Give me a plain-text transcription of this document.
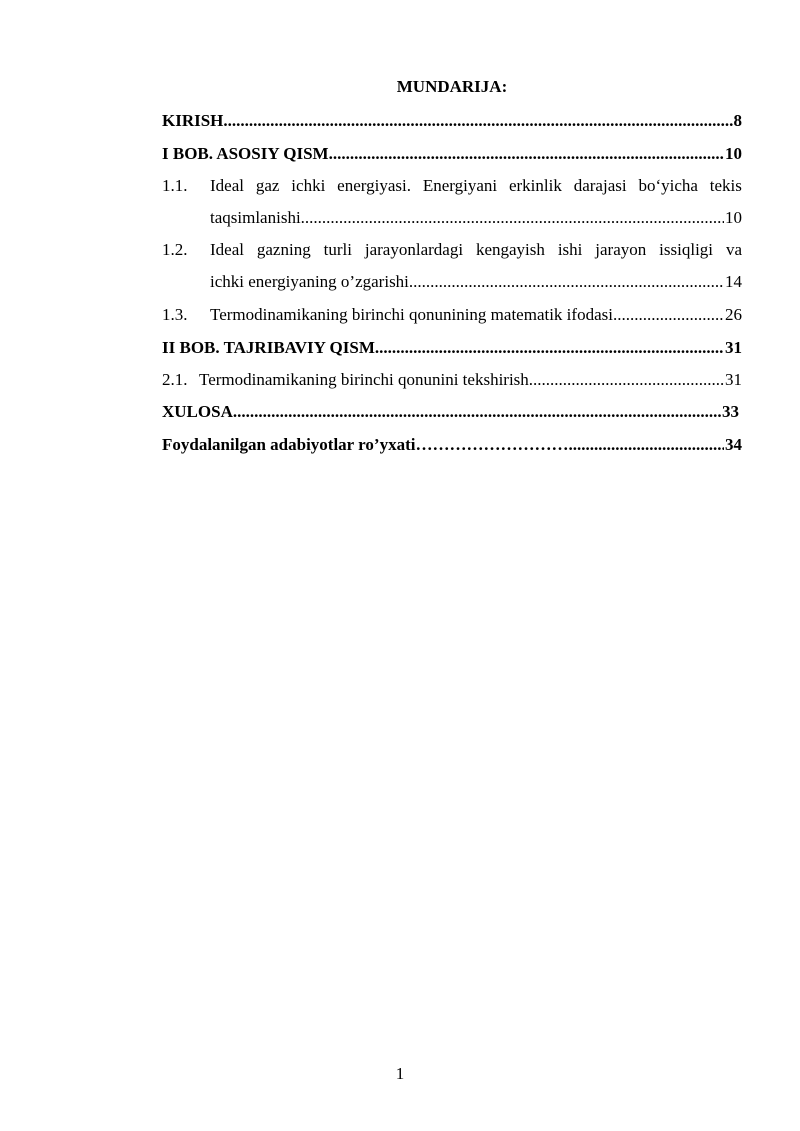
MUNDARIJA:
KIRISH .....	8
I BOB. ASOSIY QISM .....	10
1.1.	Ideal gaz ichki energiyasi. Energiyani erkinlik darajasi bo‘yicha tekis
taqsimlanishi .....	10
1.2.	Ideal gazning turli jarayonlardagi kengayish ishi jarayon issiqligi va
ichki energiyaning o’zgarishi .....	14
1.3.	Termodinamikaning birinchi qonunining matematik ifodasi .....	26
II BOB. TAJRIBAVIY QISM .....	31
2.1. Termodinamikaning birinchi qonunini tekshirish .....	31
XULOSA .....	33
Foydalanilgan adabiyotlar ro’yxati ……………………… .....	34
1
